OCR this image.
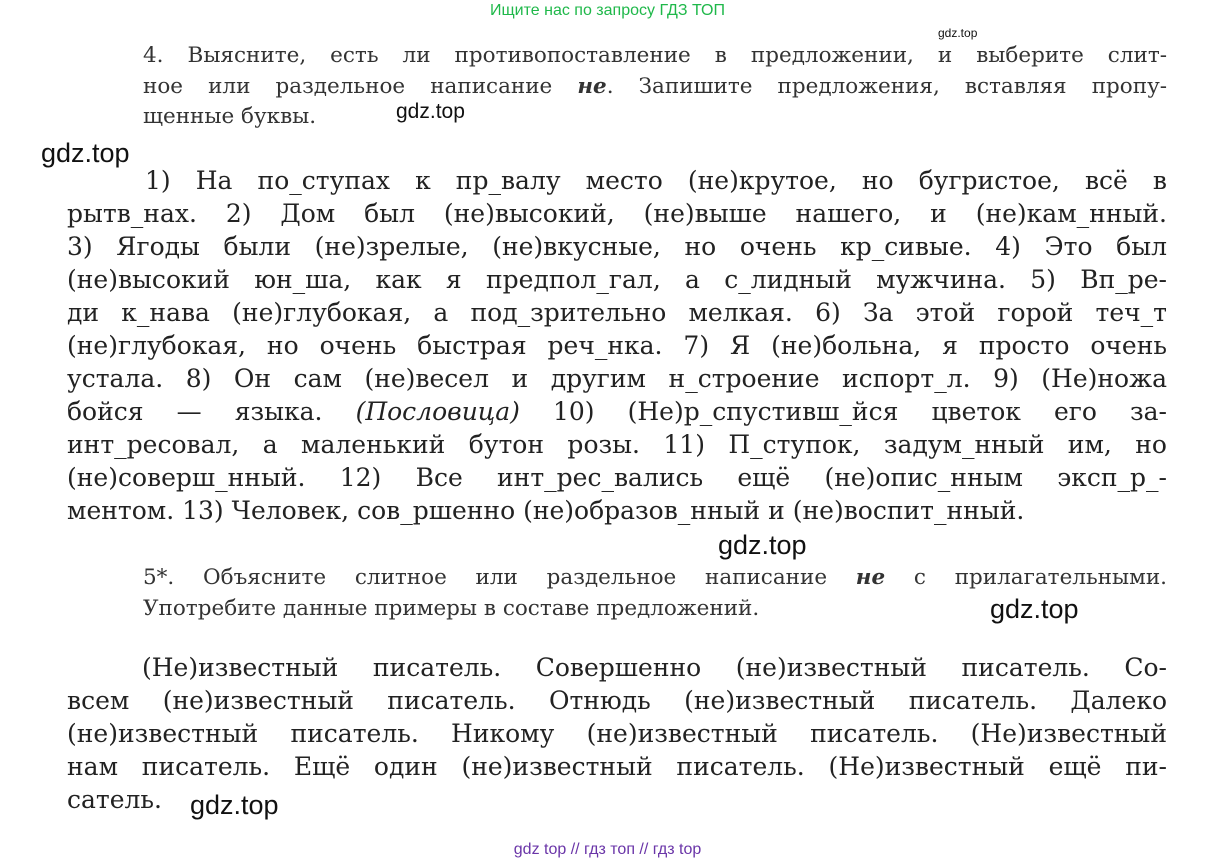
Ищите нас по запросу ГДЗ ТОП
gdz top // гдз топ // гдз top
gdz.top
gdz.top
gdz.top
gdz.top
gdz.top
gdz.top
4. Выясните, есть ли противопоставление в предложении, и выберите слит-
ное или раздельное написание не. Запишите предложения, вставляя пропу-
щенные буквы.
1) На по_ступах к пр_валу место (не)крутое, но бугристое, всё в
рытв_нах. 2) Дом был (не)высокий, (не)выше нашего, и (не)кам_нный.
3) Ягоды были (не)зрелые, (не)вкусные, но очень кр_сивые. 4) Это был
(не)высокий юн_ша, как я предпол_гал, а с_лидный мужчина. 5) Вп_ре-
ди к_нава (не)глубокая, а под_зрительно мелкая. 6) За этой горой теч_т
(не)глубокая, но очень быстрая реч_нка. 7) Я (не)больна, я просто очень
устала. 8) Он сам (не)весел и другим н_строение испорт_л. 9) (Не)ножа
бойся — языка. (Пословица) 10) (Не)р_спустивш_йся цветок его за-
инт_ресовал, а маленький бутон розы. 11) П_ступок, задум_нный им, но
(не)соверш_нный. 12) Все инт_рес_вались ещё (не)опис_нным эксп_р_-
ментом. 13) Человек, сов_ршенно (не)образов_нный и (не)воспит_нный.
5*. Объясните слитное или раздельное написание не с прилагательными.
Употребите данные примеры в составе предложений.
(Не)известный писатель. Совершенно (не)известный писатель. Со-
всем (не)известный писатель. Отнюдь (не)известный писатель. Далеко
(не)известный писатель. Никому (не)известный писатель. (Не)известный
нам писатель. Ещё один (не)известный писатель. (Не)известный ещё пи-
сатель.
